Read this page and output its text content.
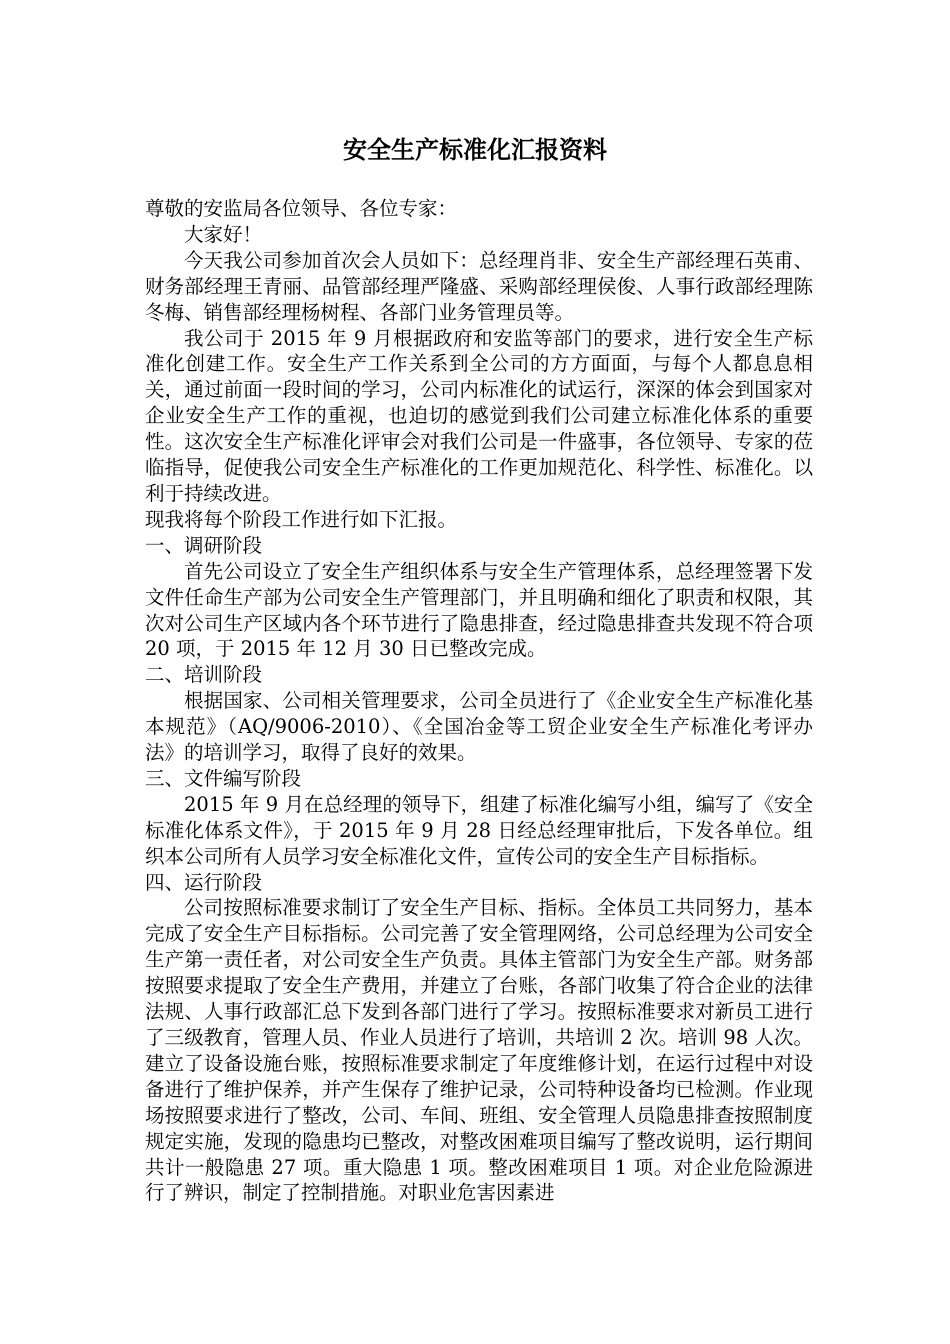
安全生产标准化汇报资料

尊敬的安监局各位领导、各位专家：

大家好！

今天我公司参加首次会人员如下：总经理肖非、安全生产部经理石英甫、财务部经理王青丽、品管部经理严隆盛、采购部经理侯俊、人事行政部经理陈冬梅、销售部经理杨树程、各部门业务管理员等。

我公司于 2015 年 9 月根据政府和安监等部门的要求，进行安全生产标准化创建工作。安全生产工作关系到全公司的方方面面，与每个人都息息相关，通过前面一段时间的学习，公司内标准化的试运行，深深的体会到国家对企业安全生产工作的重视，也迫切的感觉到我们公司建立标准化体系的重要性。这次安全生产标准化评审会对我们公司是一件盛事，各位领导、专家的莅临指导，促使我公司安全生产标准化的工作更加规范化、科学性、标准化。以利于持续改进。

现我将每个阶段工作进行如下汇报。

一、调研阶段

首先公司设立了安全生产组织体系与安全生产管理体系，总经理签署下发文件任命生产部为公司安全生产管理部门，并且明确和细化了职责和权限，其次对公司生产区域内各个环节进行了隐患排查，经过隐患排查共发现不符合项 20 项，于 2015 年 12 月 30 日已整改完成。

二、培训阶段

根据国家、公司相关管理要求，公司全员进行了《企业安全生产标准化基本规范》（AQ/9006-2010）、《全国冶金等工贸企业安全生产标准化考评办法》的培训学习，取得了良好的效果。

三、文件编写阶段

2015 年 9 月在总经理的领导下，组建了标准化编写小组，编写了《安全标准化体系文件》，于 2015 年 9 月 28 日经总经理审批后，下发各单位。组织本公司所有人员学习安全标准化文件，宣传公司的安全生产目标指标。

四、运行阶段

公司按照标准要求制订了安全生产目标、指标。全体员工共同努力，基本完成了安全生产目标指标。公司完善了安全管理网络，公司总经理为公司安全生产第一责任者，对公司安全生产负责。具体主管部门为安全生产部。财务部按照要求提取了安全生产费用，并建立了台账，各部门收集了符合企业的法律法规、人事行政部汇总下发到各部门进行了学习。按照标准要求对新员工进行了三级教育，管理人员、作业人员进行了培训，共培训 2 次。培训 98 人次。建立了设备设施台账，按照标准要求制定了年度维修计划，在运行过程中对设备进行了维护保养，并产生保存了维护记录，公司特种设备均已检测。作业现场按照要求进行了整改，公司、车间、班组、安全管理人员隐患排查按照制度规定实施，发现的隐患均已整改，对整改困难项目编写了整改说明，运行期间共计一般隐患 27 项。重大隐患 1 项。整改困难项目 1 项。对企业危险源进行了辨识，制定了控制措施。对职业危害因素进
